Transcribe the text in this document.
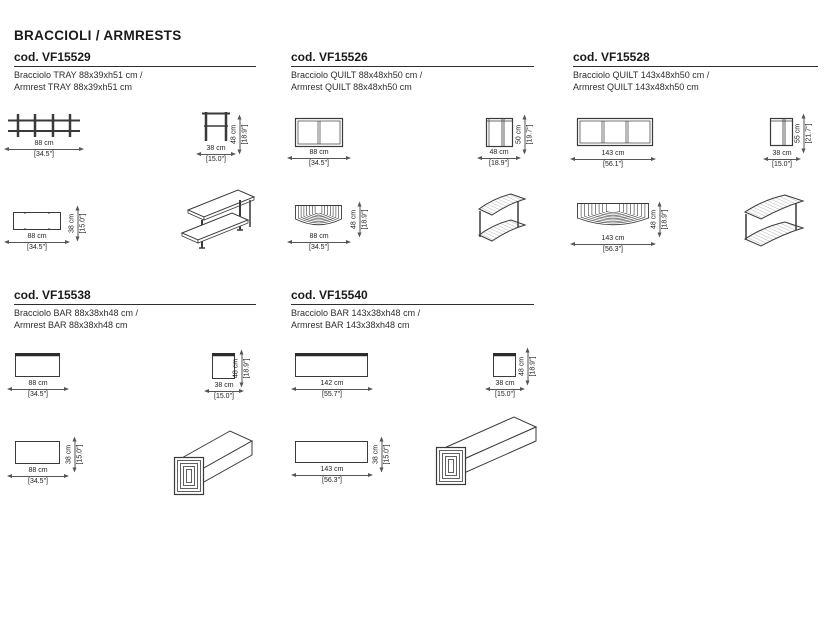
BRACCIOLI / ARMRESTS
cod. VF15529
Bracciolo TRAY 88x39xh51 cm /
Armrest TRAY 88x39xh51 cm
88 cm
[34.5"]
38 cm
[15.0"]
48 cm [18.9"]
88 cm
[34.5"]
38 cm [15.0"]
cod. VF15526
Bracciolo QUILT 88x48xh50 cm /
Armrest QUILT 88x48xh50 cm
88 cm
[34.5"]
48 cm
[18.9"]
50 cm [19.7"]
88 cm
[34.5"]
48 cm [18.9"]
cod. VF15528
Bracciolo QUILT 143x48xh50 cm /
Armrest QUILT 143x48xh50 cm
143 cm
[56.1"]
38 cm
[15.0"]
55 cm [21.7"]
143 cm
[56.3"]
48 cm [18.9"]
cod. VF15538
Bracciolo BAR 88x38xh48 cm /
Armrest BAR 88x38xh48 cm
88 cm
[34.5"]
38 cm
[15.0"]
48 cm [18.9"]
88 cm
[34.5"]
38 cm [15.0"]
cod. VF15540
Bracciolo BAR 143x38xh48 cm /
Armrest BAR 143x38xh48 cm
142 cm
[55.7"]
38 cm
[15.0"]
48 cm [18.9"]
143 cm
[56.3"]
38 cm [15.0"]
